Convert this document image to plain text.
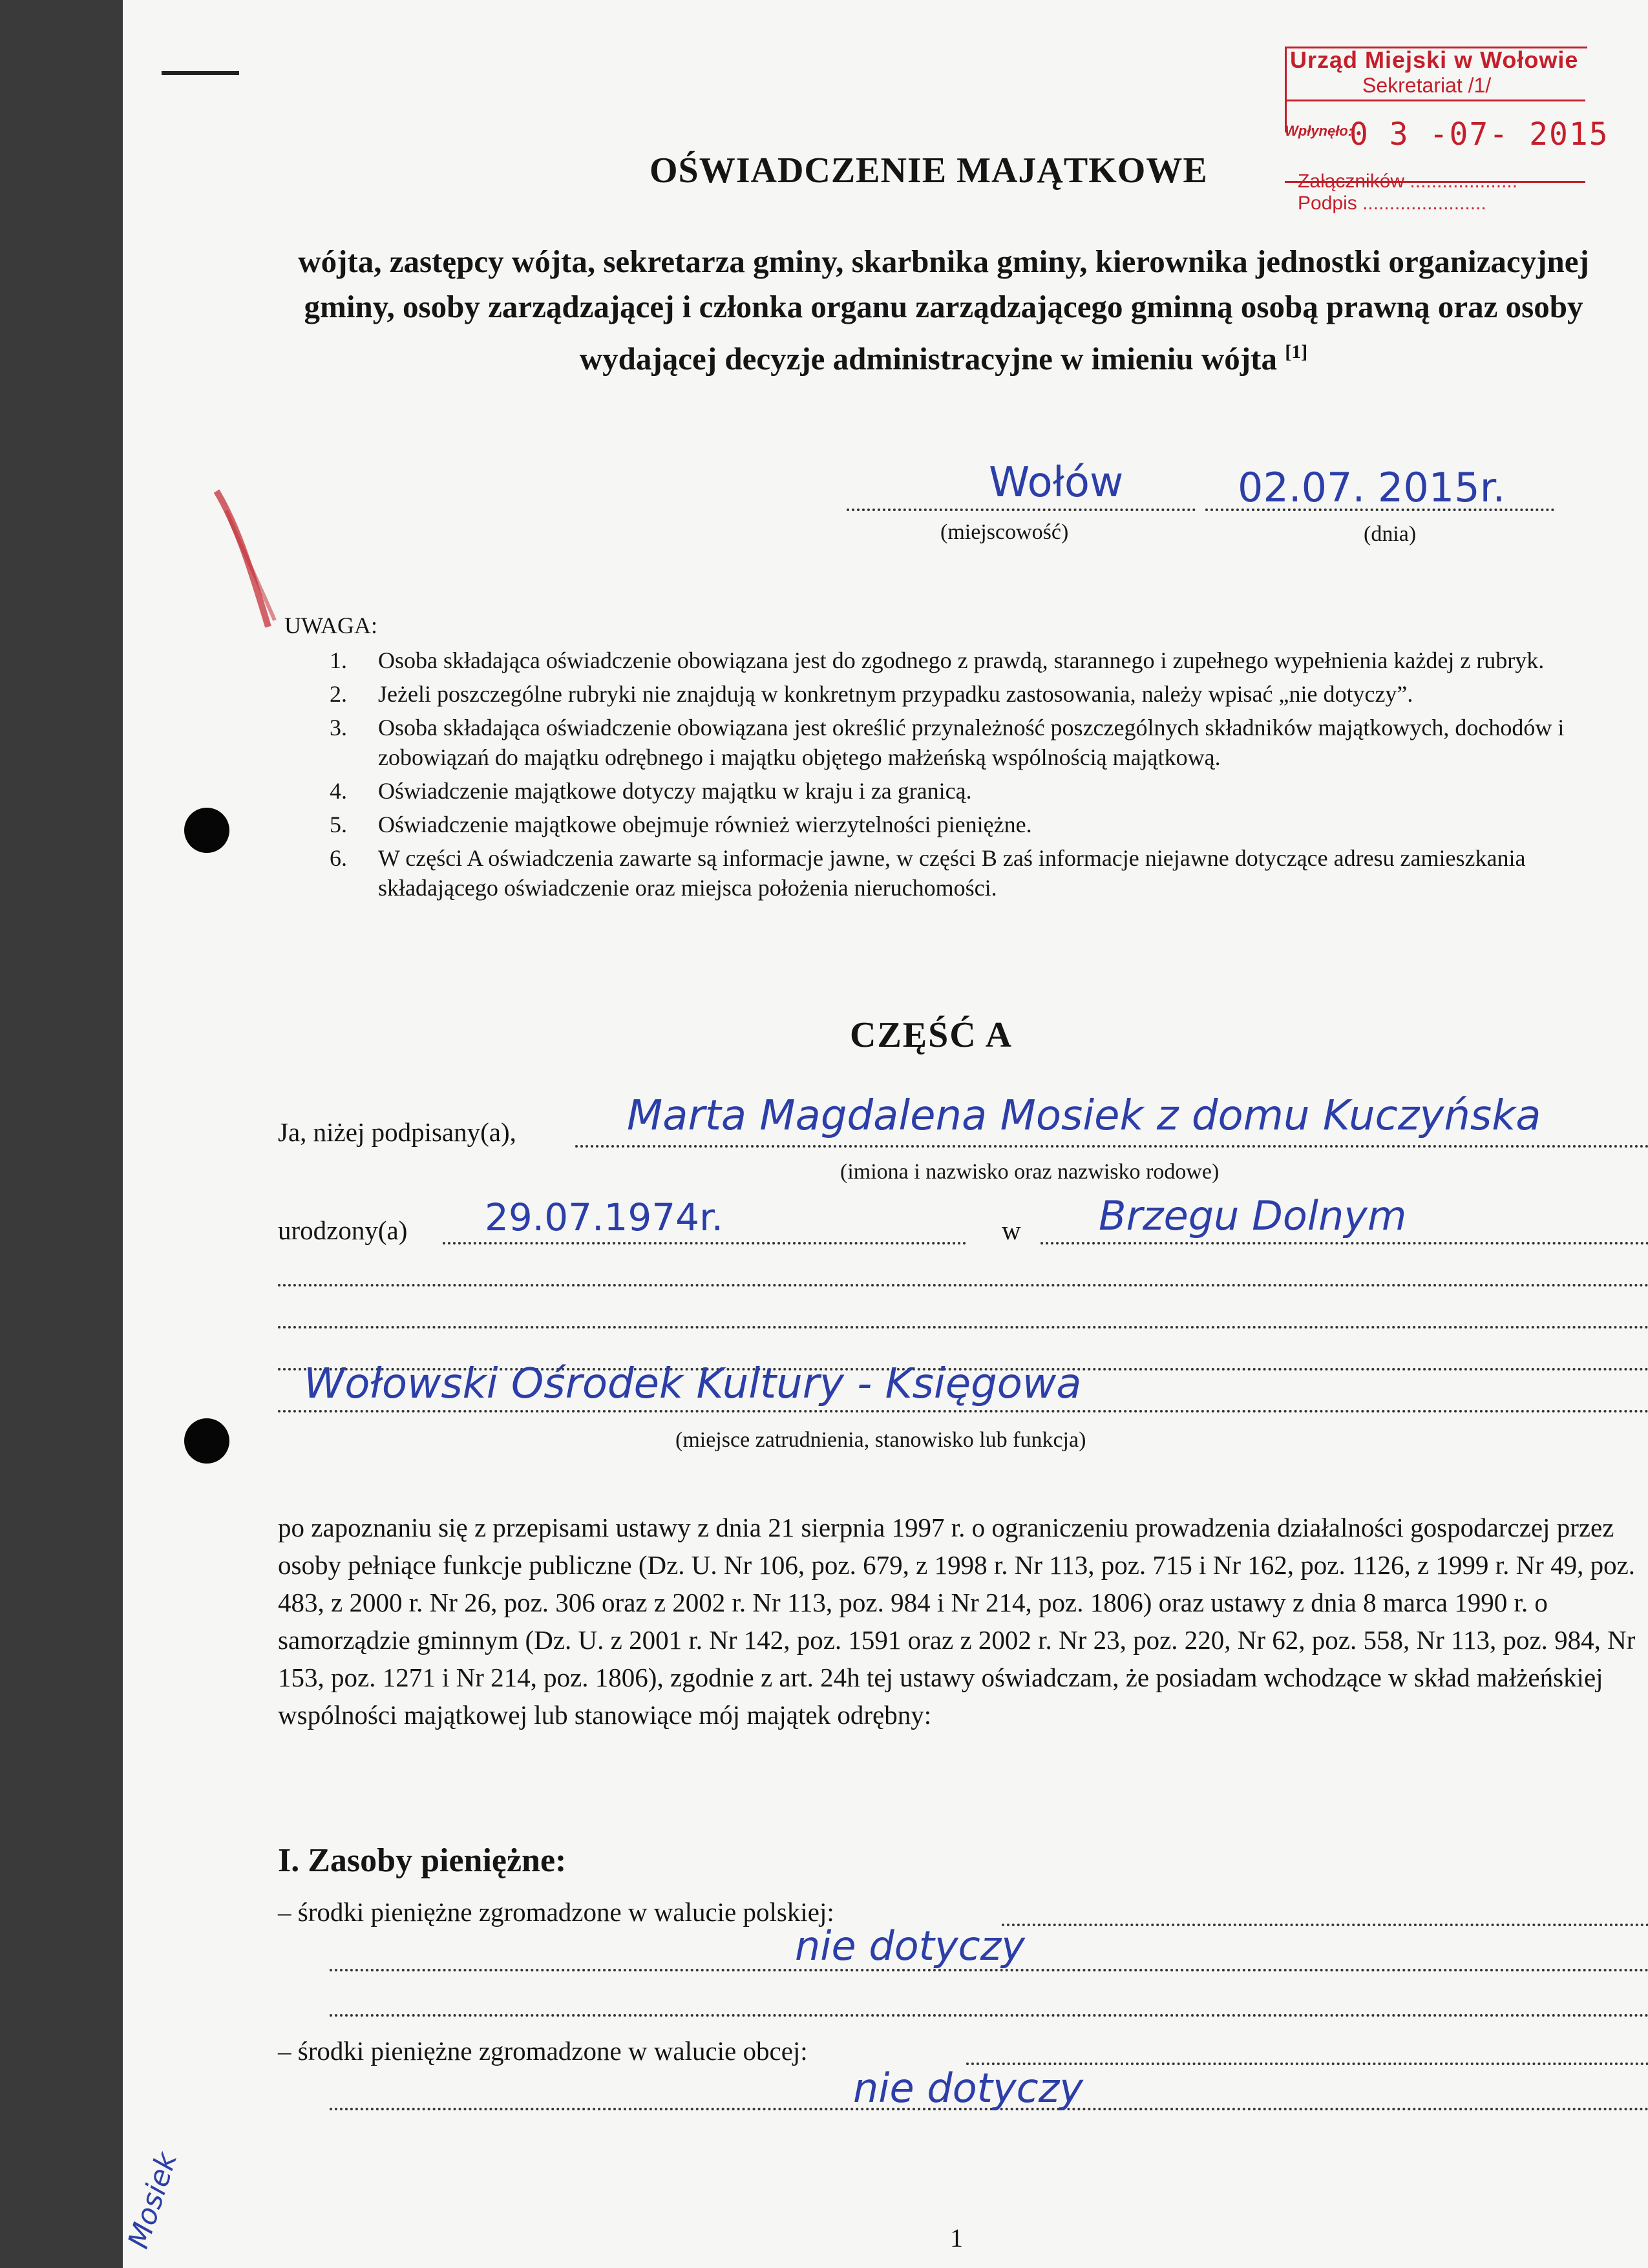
Urząd Miejski w Wołowie
Sekretariat /1/
Wpłynęło:
0 3 -07- 2015
Załączników ....................
Podpis .......................
OŚWIADCZENIE MAJĄTKOWE
wójta, zastępcy wójta, sekretarza gminy, skarbnika gminy, kierownika jednostki organizacyjnej gminy, osoby zarządzającej i członka organu zarządzającego gminną osobą prawną oraz osoby wydającej decyzje administracyjne w imieniu wójta [1]
Wołów	02.07. 2015r.
(miejscowość)	(dnia)
UWAGA:
1. Osoba składająca oświadczenie obowiązana jest do zgodnego z prawdą, starannego i zupełnego wypełnienia każdej z rubryk.
2. Jeżeli poszczególne rubryki nie znajdują w konkretnym przypadku zastosowania, należy wpisać „nie dotyczy”.
3. Osoba składająca oświadczenie obowiązana jest określić przynależność poszczególnych składników majątkowych, dochodów i zobowiązań do majątku odrębnego i majątku objętego małżeńską wspólnością majątkową.
4. Oświadczenie majątkowe dotyczy majątku w kraju i za granicą.
5. Oświadczenie majątkowe obejmuje również wierzytelności pieniężne.
6. W części A oświadczenia zawarte są informacje jawne, w części B zaś informacje niejawne dotyczące adresu zamieszkania składającego oświadczenie oraz miejsca położenia nieruchomości.
CZĘŚĆ A
Ja, niżej podpisany(a),	Marta Magdalena Mosiek z domu Kuczyńska
(imiona i nazwisko oraz nazwisko rodowe)
urodzony(a) 29.07.1974r.	w Brzegu Dolnym
Wołowski Ośrodek Kultury - Księgowa
(miejsce zatrudnienia, stanowisko lub funkcja)
po zapoznaniu się z przepisami ustawy z dnia 21 sierpnia 1997 r. o ograniczeniu prowadzenia działalności gospodarczej przez osoby pełniące funkcje publiczne (Dz. U. Nr 106, poz. 679, z 1998 r. Nr 113, poz. 715 i Nr 162, poz. 1126, z 1999 r. Nr 49, poz. 483, z 2000 r. Nr 26, poz. 306 oraz z 2002 r. Nr 113, poz. 984 i Nr 214, poz. 1806) oraz ustawy z dnia 8 marca 1990 r. o samorządzie gminnym (Dz. U. z 2001 r. Nr 142, poz. 1591 oraz z 2002 r. Nr 23, poz. 220, Nr 62, poz. 558, Nr 113, poz. 984, Nr 153, poz. 1271 i Nr 214, poz. 1806), zgodnie z art. 24h tej ustawy oświadczam, że posiadam wchodzące w skład małżeńskiej wspólności majątkowej lub stanowiące mój majątek odrębny:
I. Zasoby pieniężne:
– środki pieniężne zgromadzone w walucie polskiej:
nie dotyczy
– środki pieniężne zgromadzone w walucie obcej:
nie dotyczy
Mosiek	1
